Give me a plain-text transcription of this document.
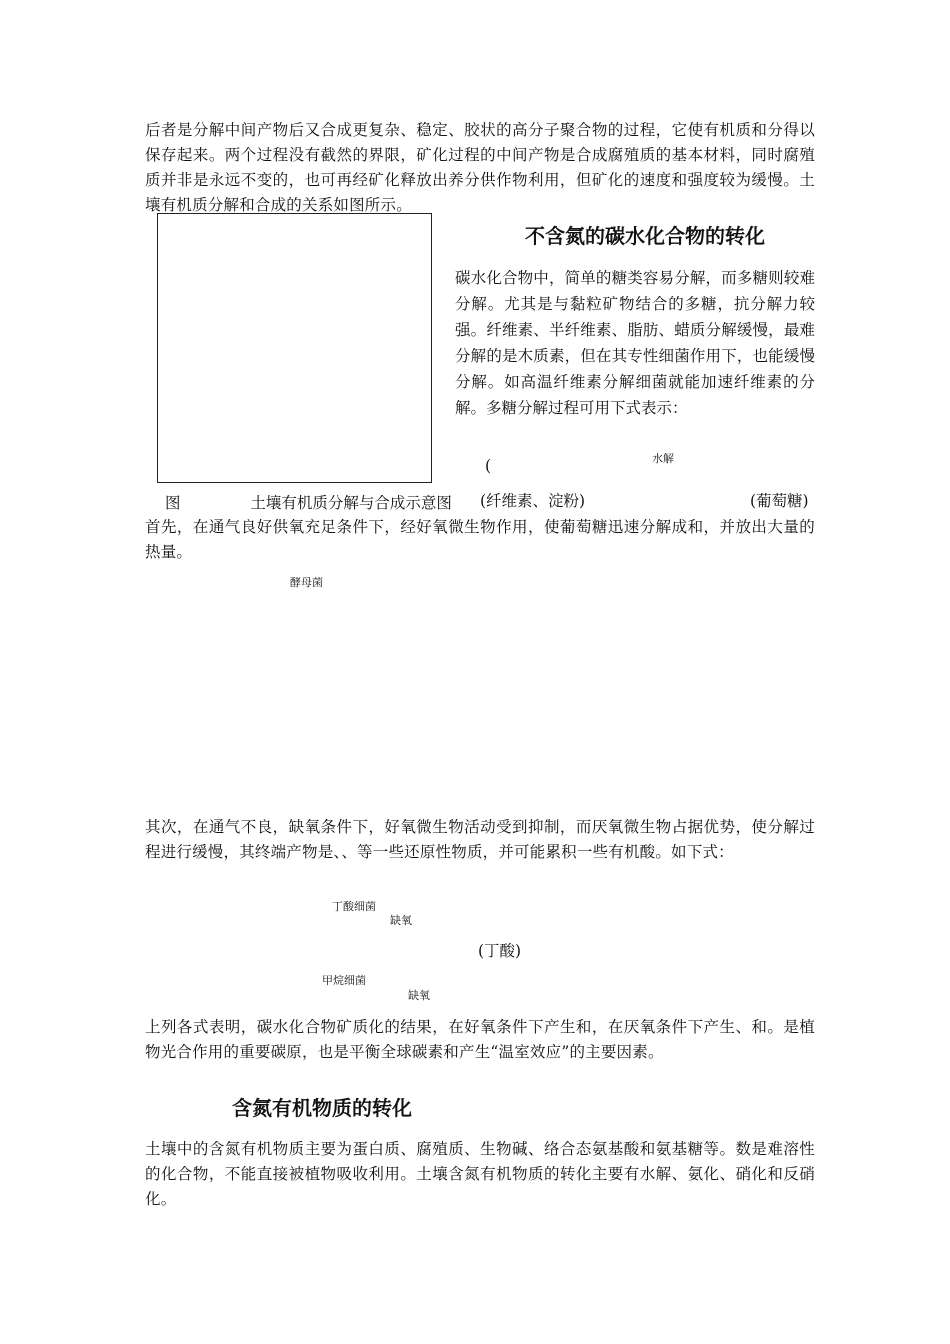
后者是分解中间产物后又合成更复杂、稳定、胶状的高分子聚合物的过程，它使有机质和分得以保存起来。两个过程没有截然的界限，矿化过程的中间产物是合成腐殖质的基本材料，同时腐殖质并非是永远不变的，也可再经矿化释放出养分供作物利用，但矿化的速度和强度较为缓慢。土壤有机质分解和合成的关系如图所示。

不含氮的碳水化合物的转化

碳水化合物中，简单的糖类容易分解，而多糖则较难分解。尤其是与黏粒矿物结合的多糖，抗分解力较强。纤维素、半纤维素、脂肪、蜡质分解缓慢，最难分解的是木质素，但在其专性细菌作用下，也能缓慢分解。如高温纤维素分解细菌就能加速纤维素的分解。多糖分解过程可用下式表示：

(	水解
(纤维素、淀粉)	(葡萄糖)
图	土壤有机质分解与合成示意图

首先，在通气良好供氧充足条件下，经好氧微生物作用，使葡萄糖迅速分解成和，并放出大量的热量。

酵母菌

其次，在通气不良，缺氧条件下，好氧微生物活动受到抑制，而厌氧微生物占据优势，使分解过程进行缓慢，其终端产物是、、等一些还原性物质，并可能累积一些有机酸。如下式：

丁酸细菌
缺氧
(丁酸)
甲烷细菌
缺氧

上列各式表明，碳水化合物矿质化的结果，在好氧条件下产生和，在厌氧条件下产生、和。是植物光合作用的重要碳原，也是平衡全球碳素和产生“温室效应”的主要因素。

含氮有机物质的转化

土壤中的含氮有机物质主要为蛋白质、腐殖质、生物碱、络合态氨基酸和氨基糖等。数是难溶性的化合物，不能直接被植物吸收利用。土壤含氮有机物质的转化主要有水解、氨化、硝化和反硝化。
